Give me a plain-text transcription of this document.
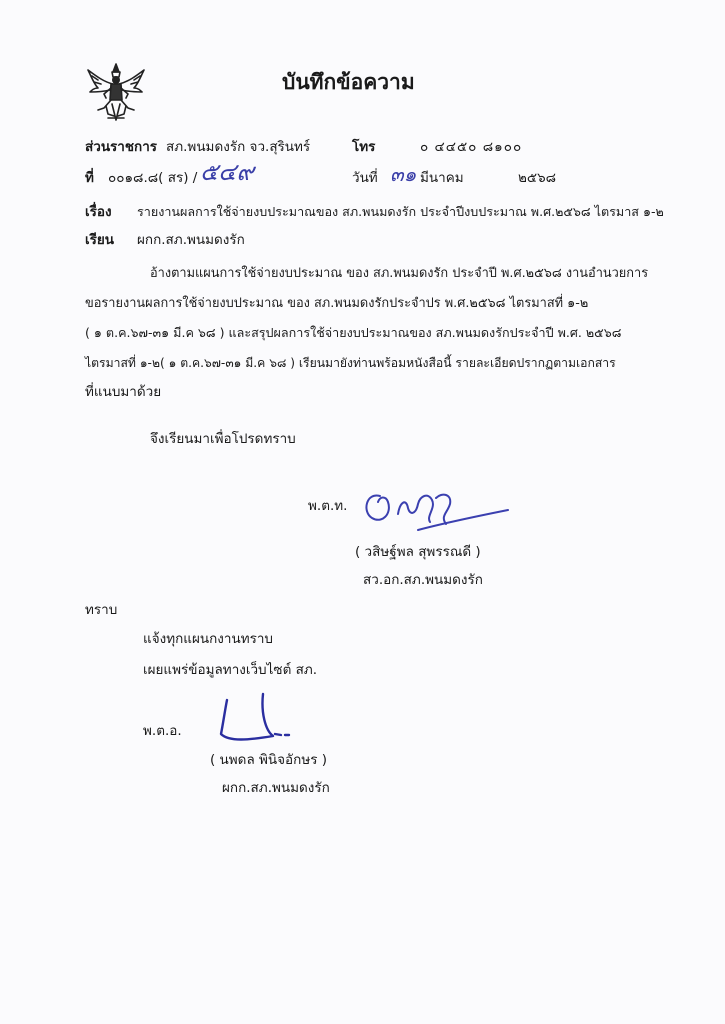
บันทึกข้อความ
ส่วนราชการ สภ.พนมดงรัก จว.สุรินทร์	โทร	๐ ๔๔๕๐ ๘๑๐๐
ที่ ๐๐๑๘.๘( สร) / ๕๔๙	วันที่ ๓๑ มีนาคม	๒๕๖๘
เรื่อง รายงานผลการใช้จ่ายงบประมาณของ สภ.พนมดงรัก ประจำปีงบประมาณ พ.ศ.๒๕๖๘ ไตรมาส ๑-๒
เรียน ผกก.สภ.พนมดงรัก
อ้างตามแผนการใช้จ่ายงบประมาณ ของ สภ.พนมดงรัก ประจำปี พ.ศ.๒๕๖๘ งานอำนวยการ
ขอรายงานผลการใช้จ่ายงบประมาณ ของ สภ.พนมดงรักประจำปร พ.ศ.๒๕๖๘ ไตรมาสที่ ๑-๒
( ๑ ต.ค.๖๗-๓๑ มี.ค ๖๘ ) และสรุปผลการใช้จ่ายงบประมาณของ สภ.พนมดงรักประจำปี พ.ศ. ๒๕๖๘
ไตรมาสที่ ๑-๒( ๑ ต.ค.๖๗-๓๑ มี.ค ๖๘ ) เรียนมายังท่านพร้อมหนังสือนี้ รายละเอียดปรากฏตามเอกสาร
ที่แนบมาด้วย
จึงเรียนมาเพื่อโปรดทราบ
พ.ต.ท.
( วสิษฐ์พล สุพรรณดี )
สว.อก.สภ.พนมดงรัก
ทราบ
แจ้งทุกแผนกงานทราบ
เผยแพร่ข้อมูลทางเว็บไซต์ สภ.
พ.ต.อ.
( นพดล พินิจอักษร )
ผกก.สภ.พนมดงรัก
